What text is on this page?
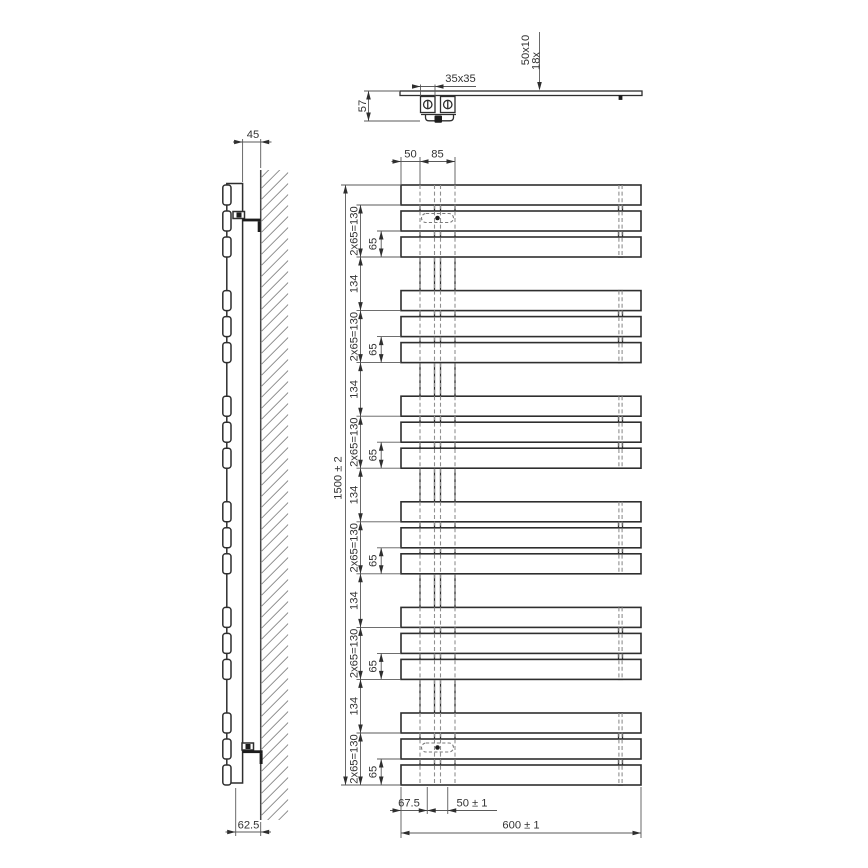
2x65=130
134
2x65=130
134
2x65=130
134
2x65=130
134
2x65=130
134
2x65=130
65
65
65
65
65
65
35x35
57
50x10
18x
45
62.5
50 85
1500 ± 2
67.5	50 ± 1
600 ± 1
